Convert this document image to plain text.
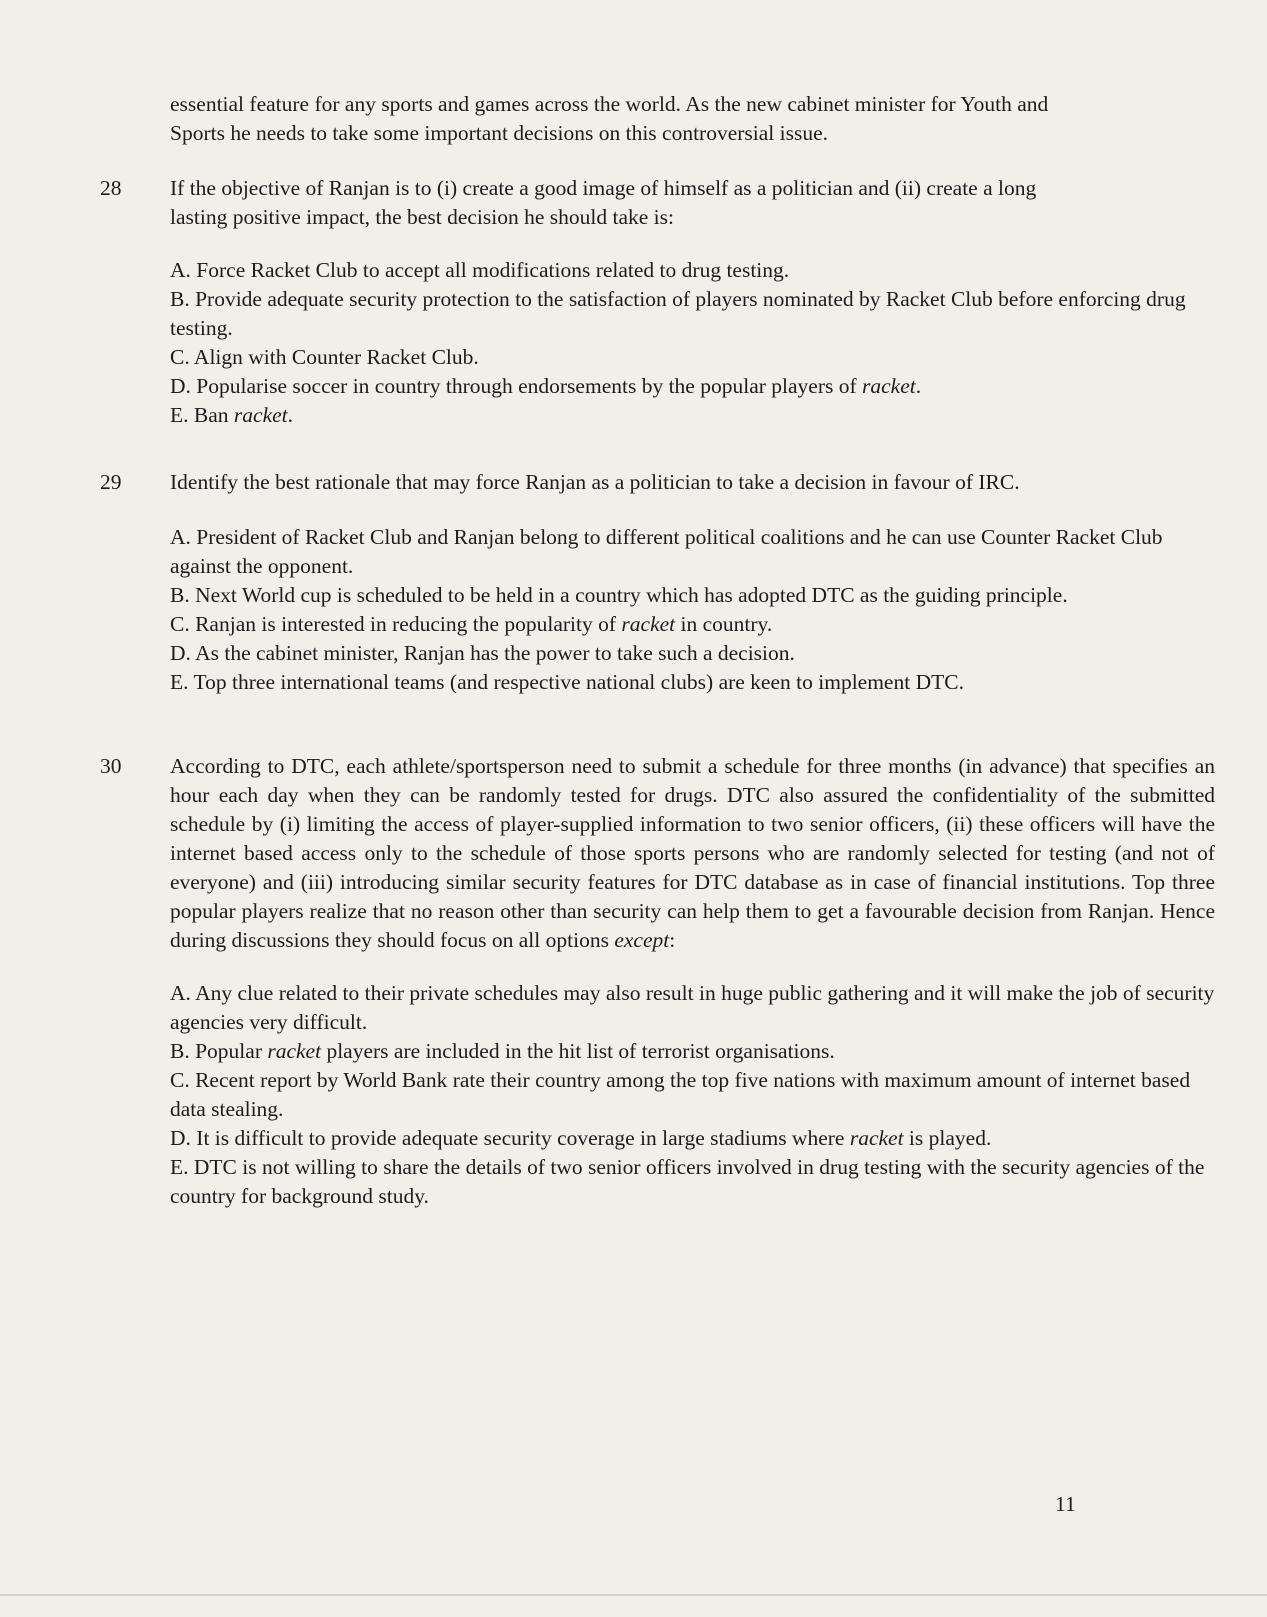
essential feature for any sports and games across the world. As the new cabinet minister for Youth and
Sports he needs to take some important decisions on this controversial issue.
28	If the objective of Ranjan is to (i) create a good image of himself as a politician and (ii) create a long
lasting positive impact, the best decision he should take is:

A. Force Racket Club to accept all modifications related to drug testing.
B. Provide adequate security protection to the satisfaction of players nominated by Racket Club before enforcing drug testing.
C. Align with Counter Racket Club.
D. Popularise soccer in country through endorsements by the popular players of racket.
E. Ban racket.
29	Identify the best rationale that may force Ranjan as a politician to take a decision in favour of IRC.

A. President of Racket Club and Ranjan belong to different political coalitions and he can use Counter Racket Club against the opponent.
B. Next World cup is scheduled to be held in a country which has adopted DTC as the guiding principle.
C. Ranjan is interested in reducing the popularity of racket in country.
D. As the cabinet minister, Ranjan has the power to take such a decision.
E. Top three international teams (and respective national clubs) are keen to implement DTC.
30	According to DTC, each athlete/sportsperson need to submit a schedule for three months (in advance) that specifies an hour each day when they can be randomly tested for drugs. DTC also assured the confidentiality of the submitted schedule by (i) limiting the access of player-supplied information to two senior officers, (ii) these officers will have the internet based access only to the schedule of those sports persons who are randomly selected for testing (and not of everyone) and (iii) introducing similar security features for DTC database as in case of financial institutions. Top three popular players realize that no reason other than security can help them to get a favourable decision from Ranjan. Hence during discussions they should focus on all options except:

A. Any clue related to their private schedules may also result in huge public gathering and it will make the job of security agencies very difficult.
B. Popular racket players are included in the hit list of terrorist organisations.
C. Recent report by World Bank rate their country among the top five nations with maximum amount of internet based data stealing.
D. It is difficult to provide adequate security coverage in large stadiums where racket is played.
E. DTC is not willing to share the details of two senior officers involved in drug testing with the security agencies of the country for background study.
11
